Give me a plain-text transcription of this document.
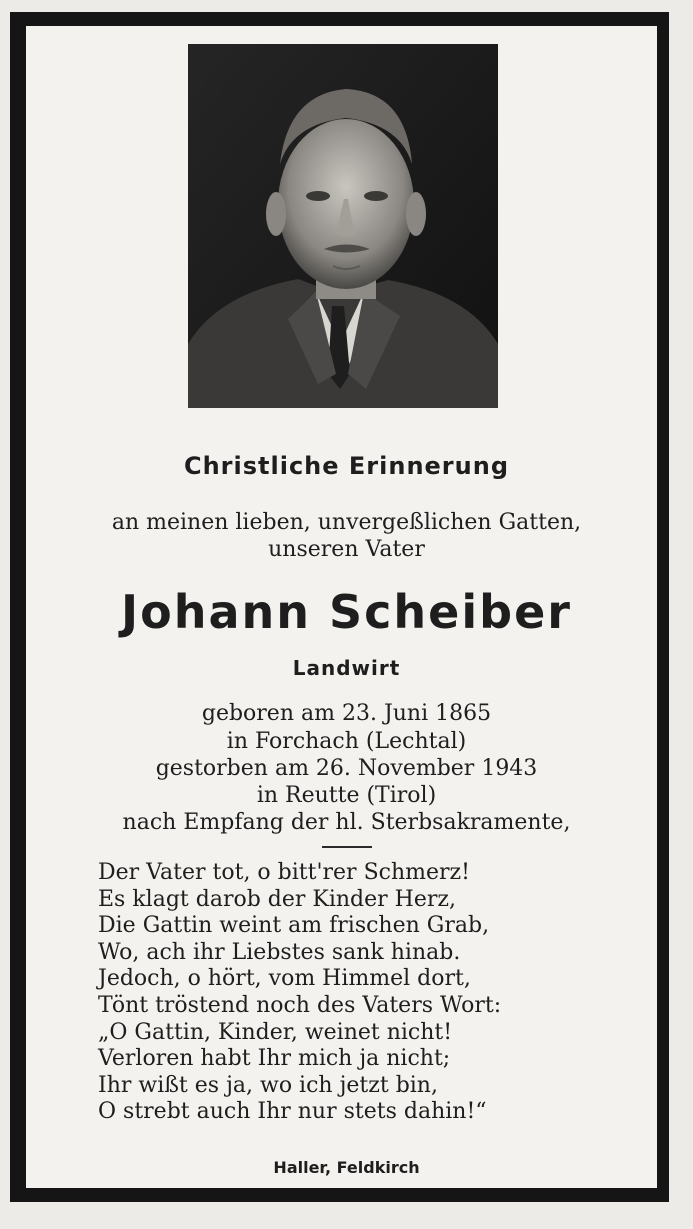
Christliche Erinnerung
an meinen lieben, unvergeßlichen Gatten,
unseren Vater
Johann Scheiber
Landwirt
geboren am 23. Juni 1865
in Forchach (Lechtal)
gestorben am 26. November 1943
in Reutte (Tirol)
nach Empfang der hl. Sterbsakramente,
Der Vater tot, o bitt'rer Schmerz!
Es klagt darob der Kinder Herz,
Die Gattin weint am frischen Grab,
Wo, ach ihr Liebstes sank hinab.
Jedoch, o hört, vom Himmel dort,
Tönt tröstend noch des Vaters Wort:
„O Gattin, Kinder, weinet nicht!
Verloren habt Ihr mich ja nicht;
Ihr wißt es ja, wo ich jetzt bin,
O strebt auch Ihr nur stets dahin!“
Haller, Feldkirch
